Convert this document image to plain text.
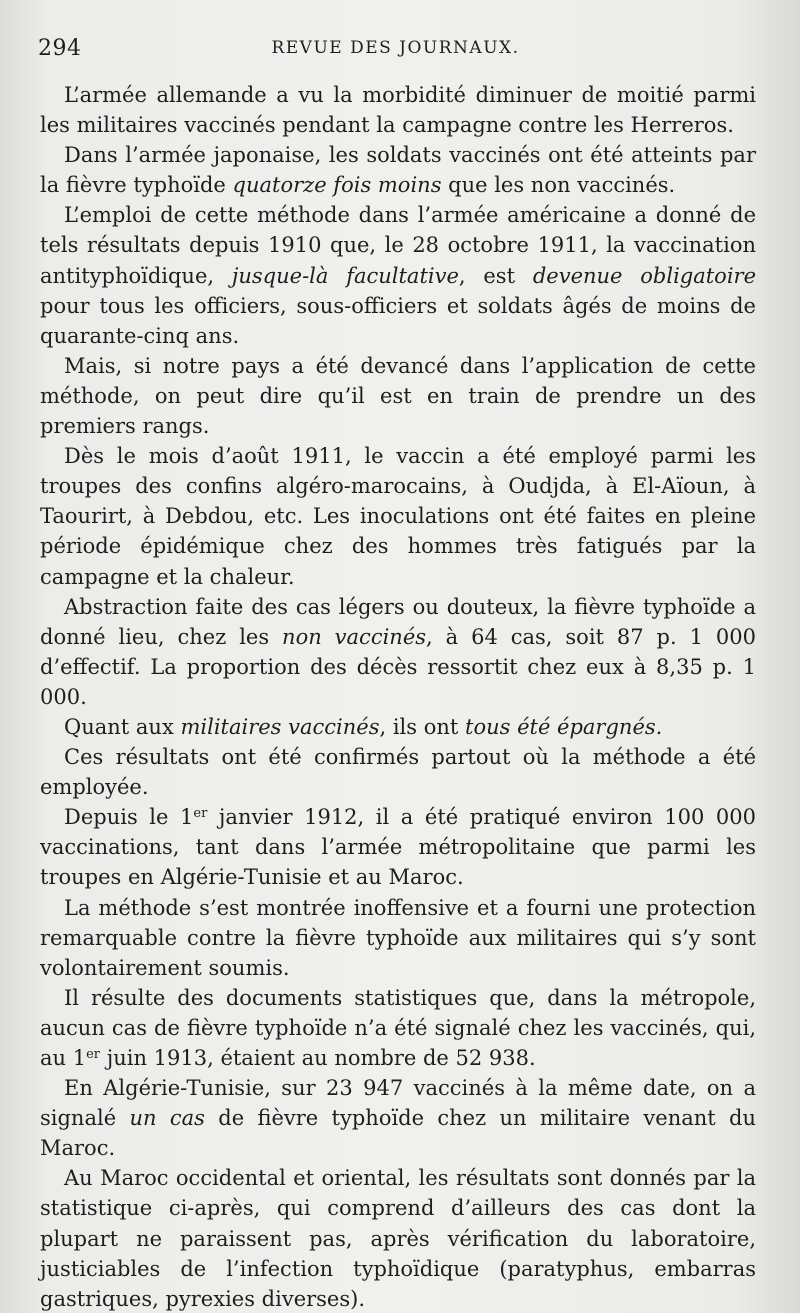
294	REVUE DES JOURNAUX.

L’armée allemande a vu la morbidité diminuer de moitié parmi les militaires vaccinés pendant la campagne contre les Herreros.

Dans l’armée japonaise, les soldats vaccinés ont été atteints par la fièvre typhoïde quatorze fois moins que les non vaccinés.

L’emploi de cette méthode dans l’armée américaine a donné de tels résultats depuis 1910 que, le 28 octobre 1911, la vaccination antityphoïdique, jusque-là facultative, est devenue obligatoire pour tous les officiers, sous-officiers et soldats âgés de moins de quarante-cinq ans.

Mais, si notre pays a été devancé dans l’application de cette méthode, on peut dire qu’il est en train de prendre un des premiers rangs.

Dès le mois d’août 1911, le vaccin a été employé parmi les troupes des confins algéro-marocains, à Oudjda, à El-Aïoun, à Taourirt, à Debdou, etc. Les inoculations ont été faites en pleine période épidémique chez des hommes très fatigués par la campagne et la chaleur.

Abstraction faite des cas légers ou douteux, la fièvre typhoïde a donné lieu, chez les non vaccinés, à 64 cas, soit 87 p. 1 000 d’effectif. La proportion des décès ressortit chez eux à 8,35 p. 1 000.

Quant aux militaires vaccinés, ils ont tous été épargnés.

Ces résultats ont été confirmés partout où la méthode a été employée.

Depuis le 1er janvier 1912, il a été pratiqué environ 100 000 vaccinations, tant dans l’armée métropolitaine que parmi les troupes en Algérie-Tunisie et au Maroc.

La méthode s’est montrée inoffensive et a fourni une protection remarquable contre la fièvre typhoïde aux militaires qui s’y sont volontairement soumis.

Il résulte des documents statistiques que, dans la métropole, aucun cas de fièvre typhoïde n’a été signalé chez les vaccinés, qui, au 1er juin 1913, étaient au nombre de 52 938.

En Algérie-Tunisie, sur 23 947 vaccinés à la même date, on a signalé un cas de fièvre typhoïde chez un militaire venant du Maroc.

Au Maroc occidental et oriental, les résultats sont donnés par la statistique ci-après, qui comprend d’ailleurs des cas dont la plupart ne paraissent pas, après vérification du laboratoire, justiciables de l’infection typhoïdique (paratyphus, embarras gastriques, pyrexies diverses).
